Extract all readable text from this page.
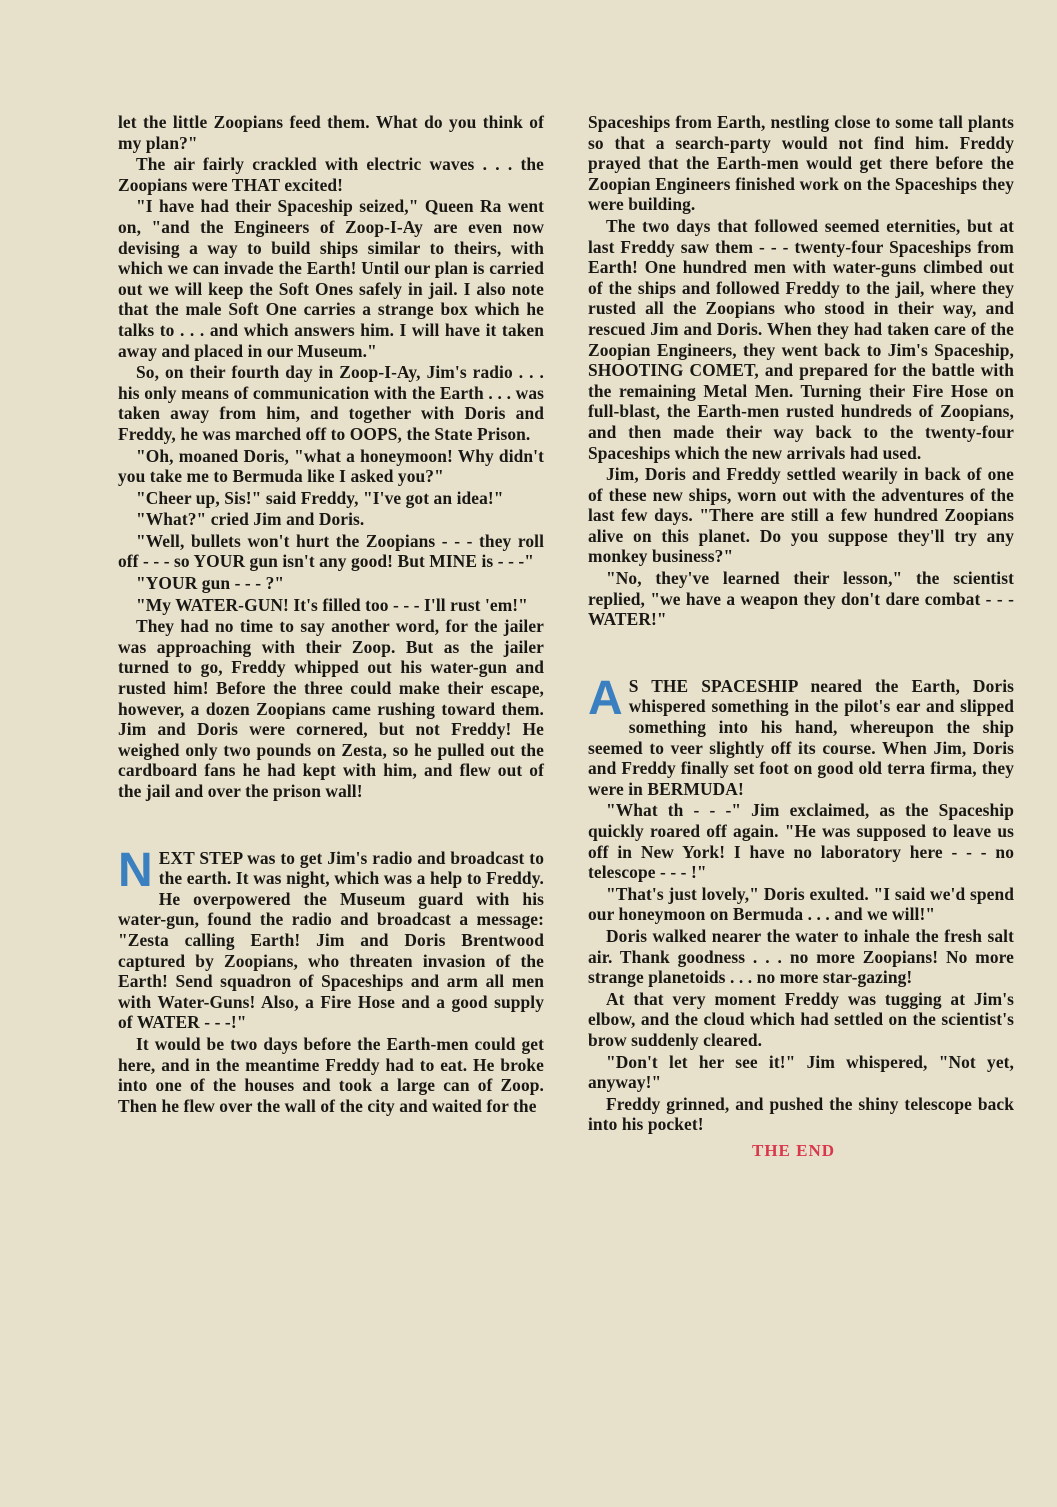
let the little Zoopians feed them. What do you think of my plan?"

The air fairly crackled with electric waves . . . the Zoopians were THAT excited!

"I have had their Spaceship seized," Queen Ra went on, "and the Engineers of Zoop-I-Ay are even now devising a way to build ships similar to theirs, with which we can invade the Earth! Until our plan is carried out we will keep the Soft Ones safely in jail. I also note that the male Soft One carries a strange box which he talks to . . . and which answers him. I will have it taken away and placed in our Museum."

So, on their fourth day in Zoop-I-Ay, Jim's radio . . . his only means of communication with the Earth . . . was taken away from him, and together with Doris and Freddy, he was marched off to OOPS, the State Prison.

"Oh, moaned Doris, "what a honeymoon! Why didn't you take me to Bermuda like I asked you?"

"Cheer up, Sis!" said Freddy, "I've got an idea!"

"What?" cried Jim and Doris.

"Well, bullets won't hurt the Zoopians - - - they roll off - - - so YOUR gun isn't any good! But MINE is - - -"

"YOUR gun - - - ?"

"My WATER-GUN! It's filled too - - - I'll rust 'em!"

They had no time to say another word, for the jailer was approaching with their Zoop. But as the jailer turned to go, Freddy whipped out his water-gun and rusted him! Before the three could make their escape, however, a dozen Zoopians came rushing toward them. Jim and Doris were cornered, but not Freddy! He weighed only two pounds on Zesta, so he pulled out the cardboard fans he had kept with him, and flew out of the jail and over the prison wall!

NEXT STEP was to get Jim's radio and broadcast to the earth. It was night, which was a help to Freddy. He overpowered the Museum guard with his water-gun, found the radio and broadcast a message: "Zesta calling Earth! Jim and Doris Brentwood captured by Zoopians, who threaten invasion of the Earth! Send squadron of Spaceships and arm all men with Water-Guns! Also, a Fire Hose and a good supply of WATER - - -!"

It would be two days before the Earth-men could get here, and in the meantime Freddy had to eat. He broke into one of the houses and took a large can of Zoop. Then he flew over the wall of the city and waited for the

Spaceships from Earth, nestling close to some tall plants so that a search-party would not find him. Freddy prayed that the Earth-men would get there before the Zoopian Engineers finished work on the Spaceships they were building.

The two days that followed seemed eternities, but at last Freddy saw them - - - twenty-four Spaceships from Earth! One hundred men with water-guns climbed out of the ships and followed Freddy to the jail, where they rusted all the Zoopians who stood in their way, and rescued Jim and Doris. When they had taken care of the Zoopian Engineers, they went back to Jim's Spaceship, SHOOTING COMET, and prepared for the battle with the remaining Metal Men. Turning their Fire Hose on full-blast, the Earth-men rusted hundreds of Zoopians, and then made their way back to the twenty-four Spaceships which the new arrivals had used.

Jim, Doris and Freddy settled wearily in back of one of these new ships, worn out with the adventures of the last few days. "There are still a few hundred Zoopians alive on this planet. Do you suppose they'll try any monkey business?"

"No, they've learned their lesson," the scientist replied, "we have a weapon they don't dare combat - - - WATER!"

A S THE SPACESHIP neared the Earth, Doris whispered something in the pilot's ear and slipped something into his hand, whereupon the ship seemed to veer slightly off its course. When Jim, Doris and Freddy finally set foot on good old terra firma, they were in BERMUDA!

"What th - - -" Jim exclaimed, as the Spaceship quickly roared off again. "He was supposed to leave us off in New York! I have no laboratory here - - - no telescope - - - !"

"That's just lovely," Doris exulted. "I said we'd spend our honeymoon on Bermuda . . . and we will!"

Doris walked nearer the water to inhale the fresh salt air. Thank goodness . . . no more Zoopians! No more strange planetoids . . . no more star-gazing!

At that very moment Freddy was tugging at Jim's elbow, and the cloud which had settled on the scientist's brow suddenly cleared.

"Don't let her see it!" Jim whispered, "Not yet, anyway!"

Freddy grinned, and pushed the shiny telescope back into his pocket!

THE END
